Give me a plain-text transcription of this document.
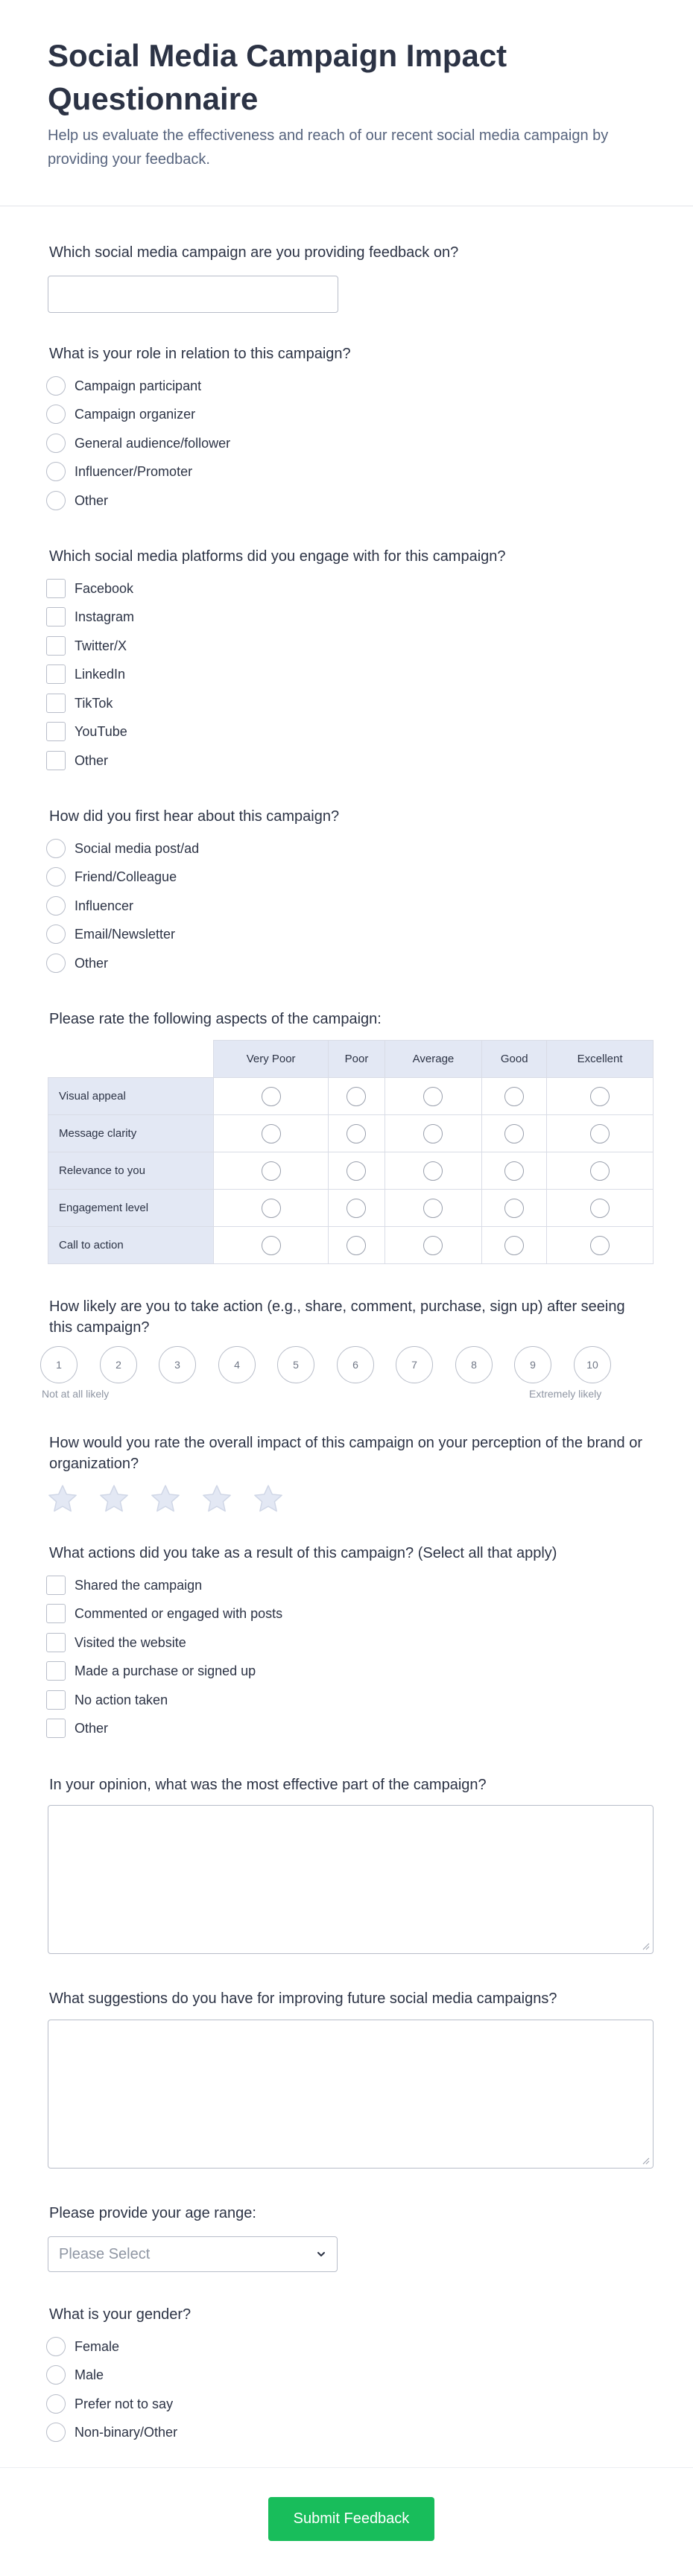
Social Media Campaign Impact Questionnaire
Help us evaluate the effectiveness and reach of our recent social media campaign by providing your feedback.
Which social media campaign are you providing feedback on?
What is your role in relation to this campaign?
Campaign participant
Campaign organizer
General audience/follower
Influencer/Promoter
Other
Which social media platforms did you engage with for this campaign?
Facebook
Instagram
Twitter/X
LinkedIn
TikTok
YouTube
Other
How did you first hear about this campaign?
Social media post/ad
Friend/Colleague
Influencer
Email/Newsletter
Other
Please rate the following aspects of the campaign:
	Very Poor	Poor	Average	Good	Excellent
Visual appeal					
Message clarity					
Relevance to you					
Engagement level					
Call to action					
How likely are you to take action (e.g., share, comment, purchase, sign up) after seeing this campaign?
1	2	3	4	5	6	7	8	9	10
Not at all likely	Extremely likely
How would you rate the overall impact of this campaign on your perception of the brand or organization?
What actions did you take as a result of this campaign? (Select all that apply)
Shared the campaign
Commented or engaged with posts
Visited the website
Made a purchase or signed up
No action taken
Other
In your opinion, what was the most effective part of the campaign?
What suggestions do you have for improving future social media campaigns?
Please provide your age range:
Please Select
What is your gender?
Female
Male
Prefer not to say
Non-binary/Other
Submit Feedback
